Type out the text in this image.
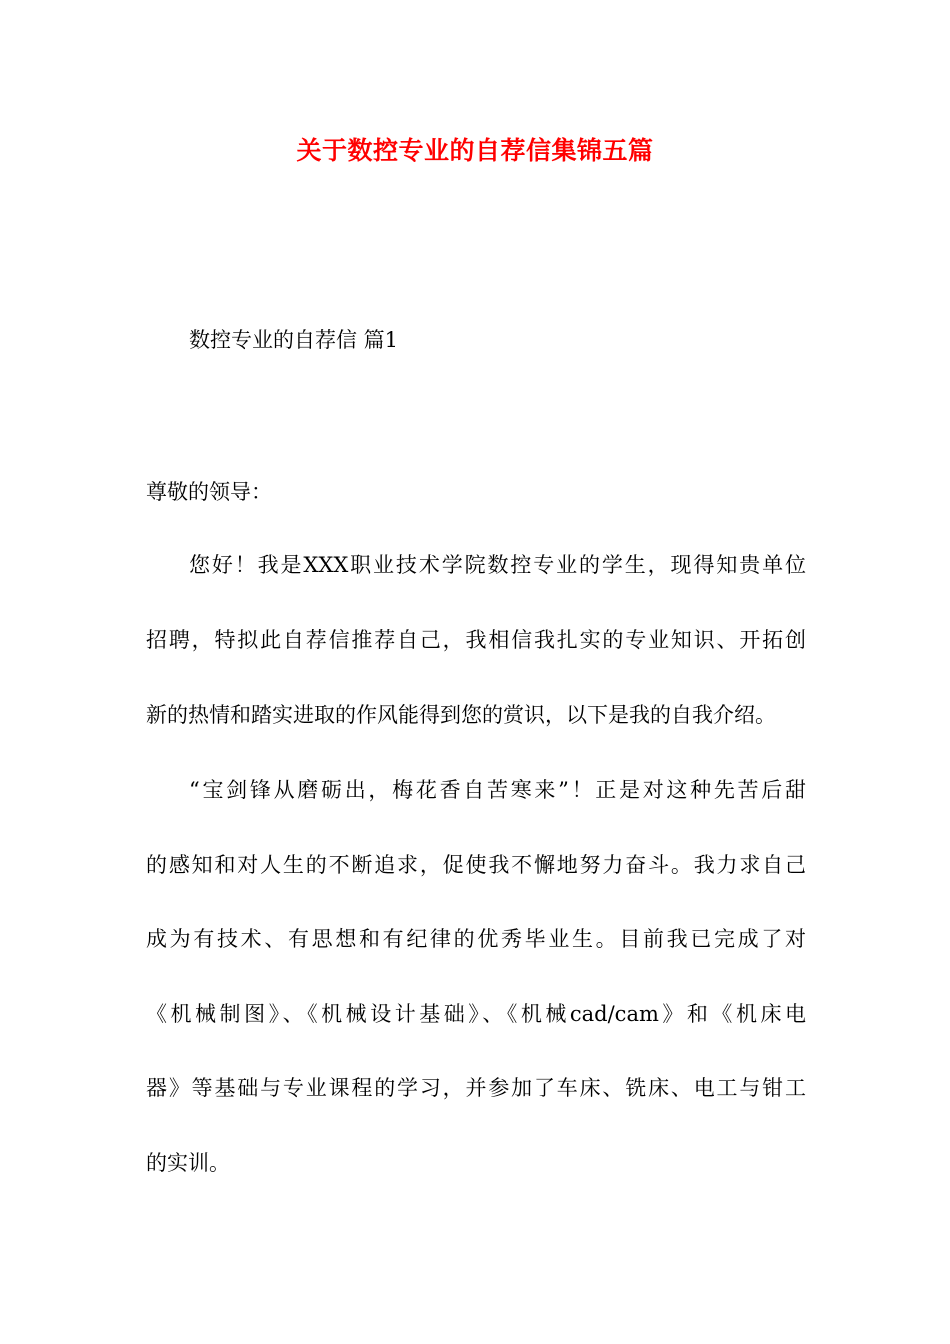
关于数控专业的自荐信集锦五篇
数控专业的自荐信 篇1
尊敬的领导：
您好！我是XXX职业技术学院数控专业的学生，现得知贵单位
招聘，特拟此自荐信推荐自己，我相信我扎实的专业知识、开拓创
新的热情和踏实进取的作风能得到您的赏识，以下是我的自我介绍。
“宝剑锋从磨砺出，梅花香自苦寒来”！正是对这种先苦后甜
的感知和对人生的不断追求，促使我不懈地努力奋斗。我力求自己
成为有技术、有思想和有纪律的优秀毕业生。目前我已完成了对
《机械制图》、《机械设计基础》、《机械cad/cam》和《机床电
器》等基础与专业课程的学习，并参加了车床、铣床、电工与钳工
的实训。
